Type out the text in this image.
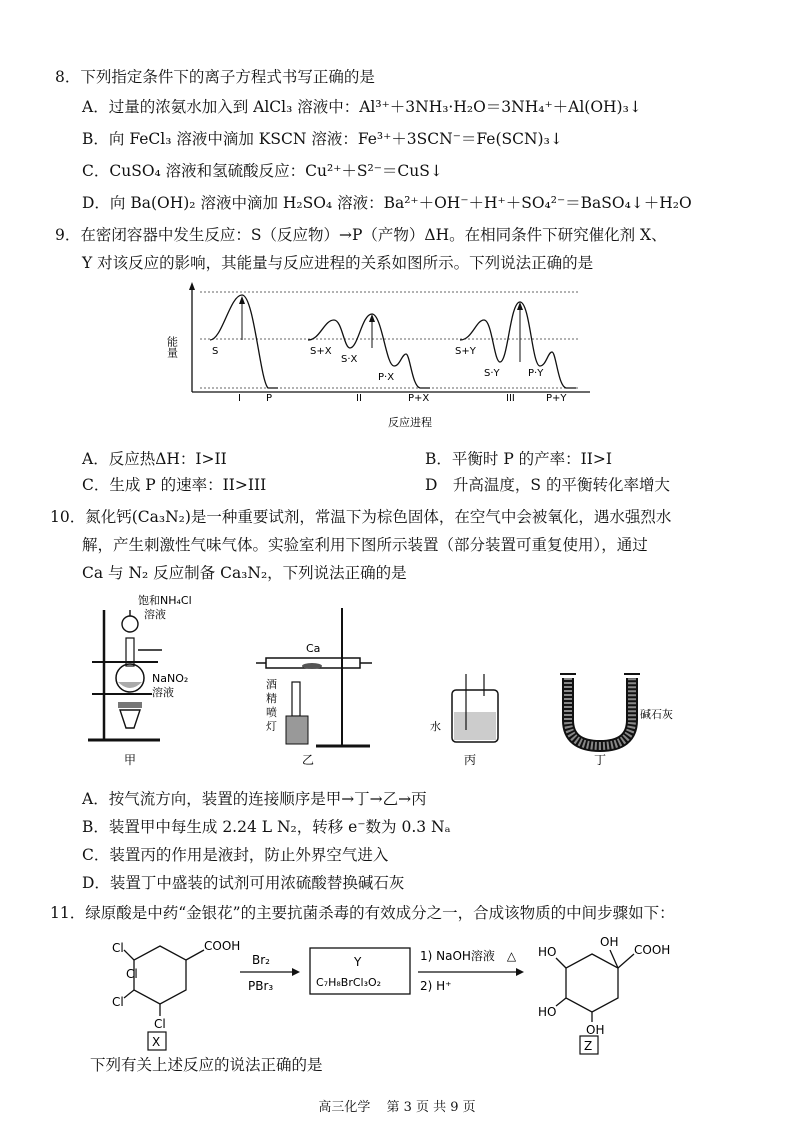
8．下列指定条件下的离子方程式书写正确的是
A．过量的浓氨水加入到 AlCl₃ 溶液中：Al³⁺＋3NH₃·H₂O＝3NH₄⁺＋Al(OH)₃↓
B．向 FeCl₃ 溶液中滴加 KSCN 溶液：Fe³⁺＋3SCN⁻＝Fe(SCN)₃↓
C．CuSO₄ 溶液和氢硫酸反应：Cu²⁺＋S²⁻＝CuS↓
D．向 Ba(OH)₂ 溶液中滴加 H₂SO₄ 溶液：Ba²⁺＋OH⁻＋H⁺＋SO₄²⁻＝BaSO₄↓＋H₂O
9．在密闭容器中发生反应：S（反应物）→P（产物）ΔH。在相同条件下研究催化剂 X、
Y 对该反应的影响，其能量与反应进程的关系如图所示。下列说法正确的是
能量	S	S+X
S·X
P·X
P+X
S+Y
S·Y	P·Y
P+Y
I	P	II	III
反应进程
A．反应热ΔH：I>II	B．平衡时 P 的产率：II>I
C．生成 P 的速率：II>III	D　升高温度，S 的平衡转化率增大
10．氮化钙(Ca₃N₂)是一种重要试剂，常温下为棕色固体，在空气中会被氧化，遇水强烈水
解，产生刺激性气味气体。实验室利用下图所示装置（部分装置可重复使用），通过
Ca 与 N₂ 反应制备 Ca₃N₂，下列说法正确的是
饱和NH₄Cl
溶液
NaNO₂
溶液
甲
Ca
酒
精
喷
灯
乙
水
丙
碱石灰
丁
A．按气流方向，装置的连接顺序是甲→丁→乙→丙
B．装置甲中每生成 2.24 L N₂，转移 e⁻数为 0.3 Nₐ
C．装置丙的作用是液封，防止外界空气进入
D．装置丁中盛装的试剂可用浓硫酸替换碱石灰
11．绿原酸是中药“金银花”的主要抗菌杀毒的有效成分之一，合成该物质的中间步骤如下：
Cl
Cl
Cl
Cl
COOH
X
Br₂
PBr₃
Y
C₇H₈BrCl₃O₂
1) NaOH溶液　△
2) H⁺
HO
HO
OH
OH
COOH
Z
下列有关上述反应的说法正确的是
高三化学 第 3 页 共 9 页
